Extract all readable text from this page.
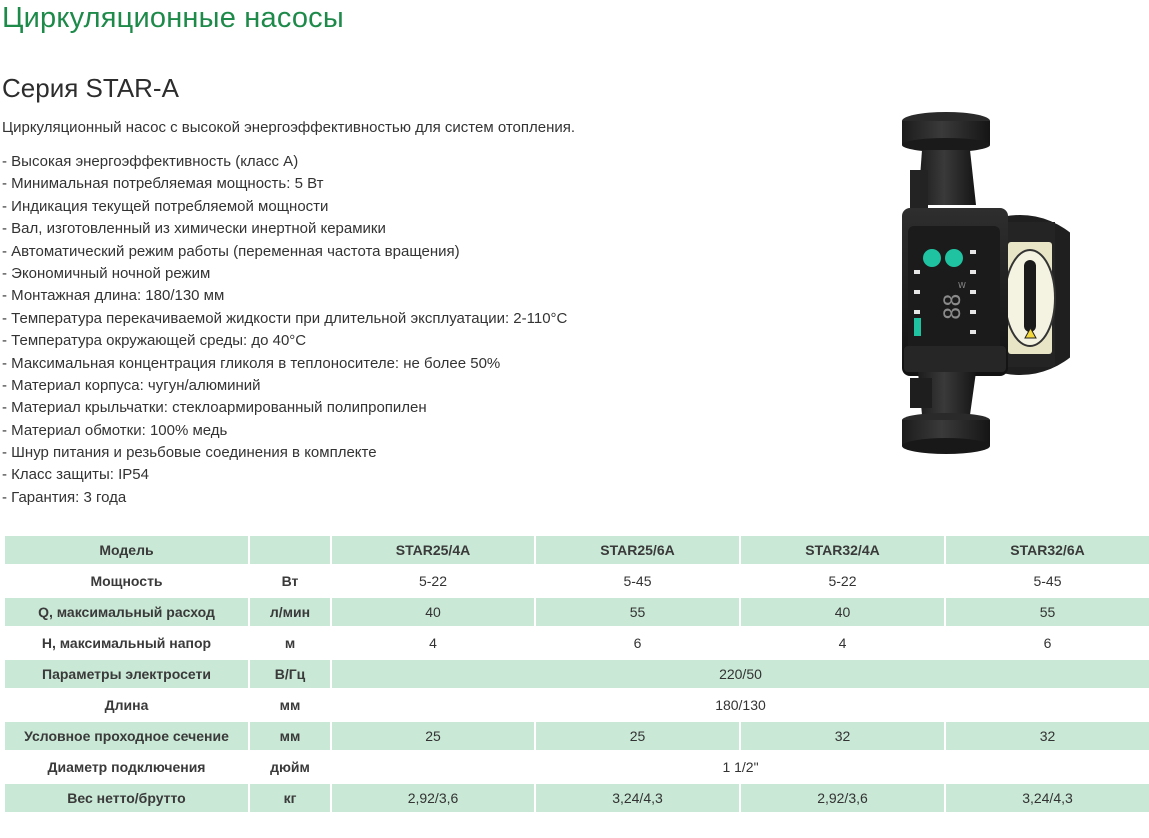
Циркуляционные насосы
Серия STAR-A
Циркуляционный насос с высокой энергоэффективностью для систем отопления.
- Высокая энергоэффективность (класс А)
- Минимальная потребляемая мощность: 5 Вт
- Индикация текущей потребляемой мощности
- Вал, изготовленный из химически инертной керамики
- Автоматический режим работы (переменная частота вращения)
- Экономичный ночной режим
- Монтажная длина: 180/130 мм
- Температура перекачиваемой жидкости при длительной эксплуатации: 2-110°С
- Температура окружающей среды: до 40°С
- Максимальная концентрация гликоля в теплоносителе: не более 50%
- Материал корпуса: чугун/алюминий
- Материал крыльчатки: стеклоармированный полипропилен
- Материал обмотки: 100% медь
- Шнур питания и резьбовые соединения в комплекте
- Класс защиты: IP54
- Гарантия: 3 года
88
W
Модель		STAR25/4A	STAR25/6A	STAR32/4A	STAR32/6A
Мощность	Вт	5-22	5-45	5-22	5-45
Q, максимальный расход	л/мин	40	55	40	55
H, максимальный напор	м	4	6	4	6
Параметры электросети	В/Гц	220/50			
Длина	мм	180/130			
Условное проходное сечение	мм	25	25	32	32
Диаметр подключения	дюйм	1 1/2"			
Вес нетто/брутто	кг	2,92/3,6	3,24/4,3	2,92/3,6	3,24/4,3
